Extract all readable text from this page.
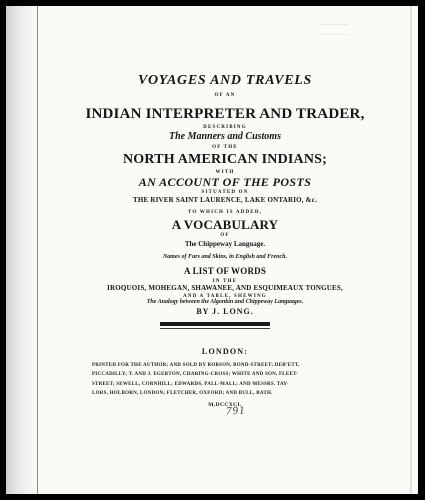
VOYAGES AND TRAVELS
OF AN
INDIAN INTERPRETER AND TRADER,
DESCRIBING
The Manners and Customs
OF THE
NORTH AMERICAN INDIANS;
WITH
AN ACCOUNT OF THE POSTS
SITUATED ON
THE RIVER SAINT LAURENCE, LAKE ONTARIO, &c.
TO WHICH IS ADDED,
A VOCABULARY
OF
The Chippeway Language.
Names of Furs and Skins, in English and French.
A LIST OF WORDS
IN THE
IROQUOIS, MOHEGAN, SHAWANEE, AND ESQUIMEAUX TONGUES,
AND A TABLE, SHEWING
The Analogy between the Algonkin and Chippeway Languages.
BY J. LONG.
LONDON:
PRINTED FOR THE AUTHOR; AND SOLD BY ROBSON, BOND-STREET; DEB’ETT,
PICCADILLY; T. AND J. EGERTON, CHARING-CROSS; WHITE AND SON, FLEET-
STREET; SEWELL, CORNHILL; EDWARDS, PALL-MALL; AND MESSRS. TAY-
LORS, HOLBORN, LONDON; FLETCHER, OXFORD; AND BULL, BATH.
M,DCCXCI.
791
